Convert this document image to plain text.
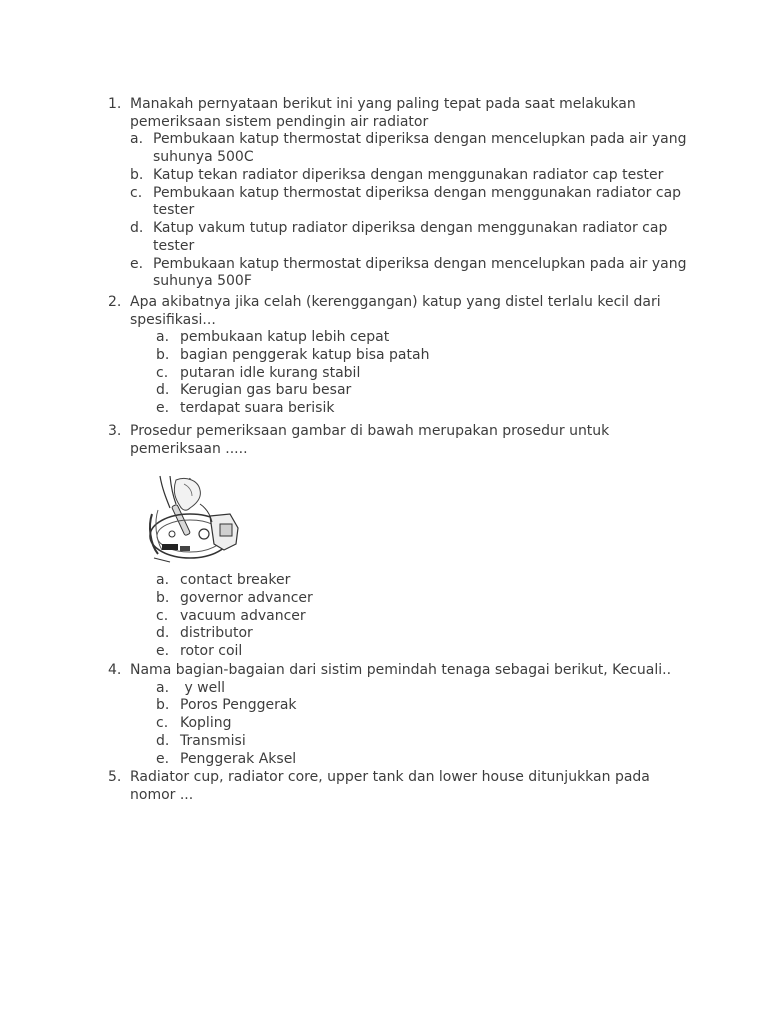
1. Manakah pernyataan berikut ini yang paling tepat pada saat melakukan pemeriksaan sistem pendingin air radiator
a. Pembukaan katup thermostat diperiksa dengan mencelupkan pada air yang suhunya 500C
b. Katup tekan radiator diperiksa dengan menggunakan radiator cap tester
c. Pembukaan katup thermostat diperiksa dengan menggunakan radiator cap tester
d. Katup vakum tutup radiator diperiksa dengan menggunakan radiator cap tester
e. Pembukaan katup thermostat diperiksa dengan mencelupkan pada air yang suhunya 500F
2. Apa akibatnya jika celah (kerenggangan) katup yang distel terlalu kecil dari spesifikasi...
a. pembukaan katup lebih cepat
b. bagian penggerak katup bisa patah
c. putaran idle kurang stabil
d. Kerugian gas baru besar
e. terdapat suara berisik
3. Prosedur pemeriksaan gambar di bawah merupakan prosedur untuk pemeriksaan .....
a. contact breaker
b. governor advancer
c. vacuum advancer
d. distributor
e. rotor coil
4. Nama bagian-bagaian dari sistim pemindah tenaga sebagai berikut, Kecuali..
a. y well
b. Poros Penggerak
c. Kopling
d. Transmisi
e. Penggerak Aksel
5. Radiator cup, radiator core, upper tank dan lower house ditunjukkan pada nomor ...
